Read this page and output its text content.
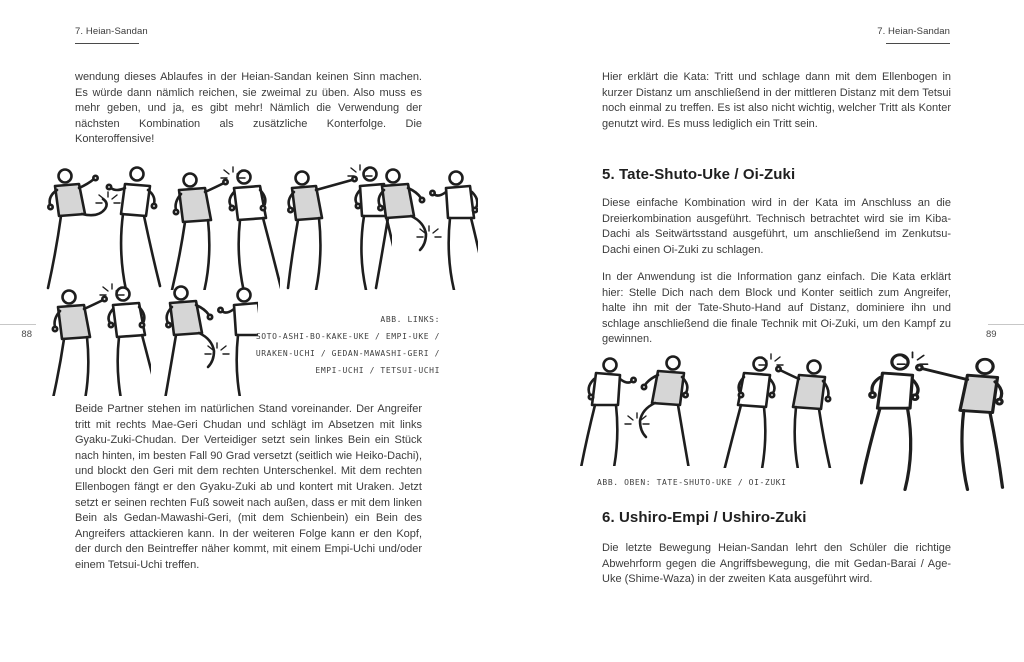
7. Heian-Sandan
88

wendung dieses Ablaufes in der Heian-Sandan keinen Sinn machen. Es würde dann nämlich reichen, sie zweimal zu üben. Also muss es mehr geben, und ja, es gibt mehr! Nämlich die Verwendung der nächsten Kombination als zusätzliche Konterfolge. Die Konteroffensive!

ABB. LINKS:
SOTO-ASHI-BO-KAKE-UKE / EMPI-UKE /
URAKEN-UCHI / GEDAN-MAWASHI-GERI /
EMPI-UCHI / TETSUI-UCHI

Beide Partner stehen im natürlichen Stand voreinander. Der Angreifer tritt mit rechts Mae-Geri Chudan und schlägt im Absetzen mit links Gyaku-Zuki-Chudan. Der Verteidiger setzt sein linkes Bein ein Stück nach hinten, im besten Fall 90 Grad versetzt (seitlich wie Heiko-Dachi), und blockt den Geri mit dem rechten Unterschenkel. Mit dem rechten Ellenbogen fängt er den Gyaku-Zuki ab und kontert mit Uraken. Jetzt setzt er seinen rechten Fuß soweit nach außen, dass er mit dem linken Bein als Gedan-Mawashi-Geri, (mit dem Schienbein) ein Bein des Angreifers attackieren kann. In der weiteren Folge kann er den Kopf, der durch den Beintreffer näher kommt, mit einem Empi-Uchi und/oder einem Tetsui-Uchi treffen.

7. Heian-Sandan
89

Hier erklärt die Kata: Tritt und schlage dann mit dem Ellenbogen in kurzer Distanz um anschließend in der mittleren Distanz mit dem Tetsui noch einmal zu treffen. Es ist also nicht wichtig, welcher Tritt als Konter genutzt wird. Es muss lediglich ein Tritt sein.

5. Tate-Shuto-Uke / Oi-Zuki

Diese einfache Kombination wird in der Kata im Anschluss an die Dreierkombination ausgeführt. Technisch betrachtet wird sie im Kiba-Dachi als Seitwärtsstand ausgeführt, um anschließend im Zenkutsu-Dachi einen Oi-Zuki zu schlagen.

In der Anwendung ist die Information ganz einfach. Die Kata erklärt hier: Stelle Dich nach dem Block und Konter seitlich zum Angreifer, halte ihn mit der Tate-Shuto-Hand auf Distanz, dominiere ihn und schlage anschließend die finale Technik mit Oi-Zuki, um den Kampf zu gewinnen.

ABB. OBEN: TATE-SHUTO-UKE / OI-ZUKI
6. Ushiro-Empi / Ushiro-Zuki

Die letzte Bewegung Heian-Sandan lehrt den Schüler die richtige Abwehrform gegen die Angriffsbewegung, die mit Gedan-Barai / Age-Uke (Shime-Waza) in der zweiten Kata ausgeführt wird.
